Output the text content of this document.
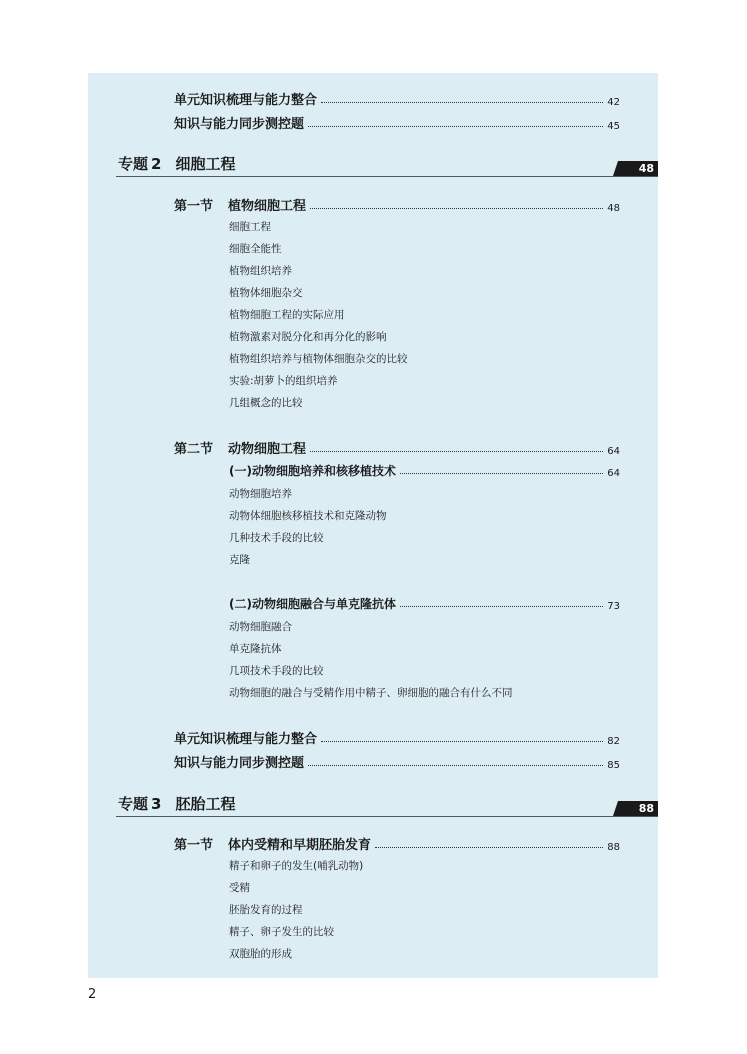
单元知识梳理与能力整合	42
知识与能力同步测控题	45
专题 2 细胞工程	48
第一节	植物细胞工程	48
细胞工程
细胞全能性
植物组织培养
植物体细胞杂交
植物细胞工程的实际应用
植物激素对脱分化和再分化的影响
植物组织培养与植物体细胞杂交的比较
实验:胡萝卜的组织培养
几组概念的比较
第二节	动物细胞工程	64
(一)动物细胞培养和核移植技术	64
动物细胞培养
动物体细胞核移植技术和克隆动物
几种技术手段的比较
克隆
(二)动物细胞融合与单克隆抗体	73
动物细胞融合
单克隆抗体
几项技术手段的比较
动物细胞的融合与受精作用中精子、卵细胞的融合有什么不同
单元知识梳理与能力整合	82
知识与能力同步测控题	85
专题 3 胚胎工程	88
第一节	体内受精和早期胚胎发育	88
精子和卵子的发生(哺乳动物)
受精
胚胎发育的过程
精子、卵子发生的比较
双胞胎的形成
2
